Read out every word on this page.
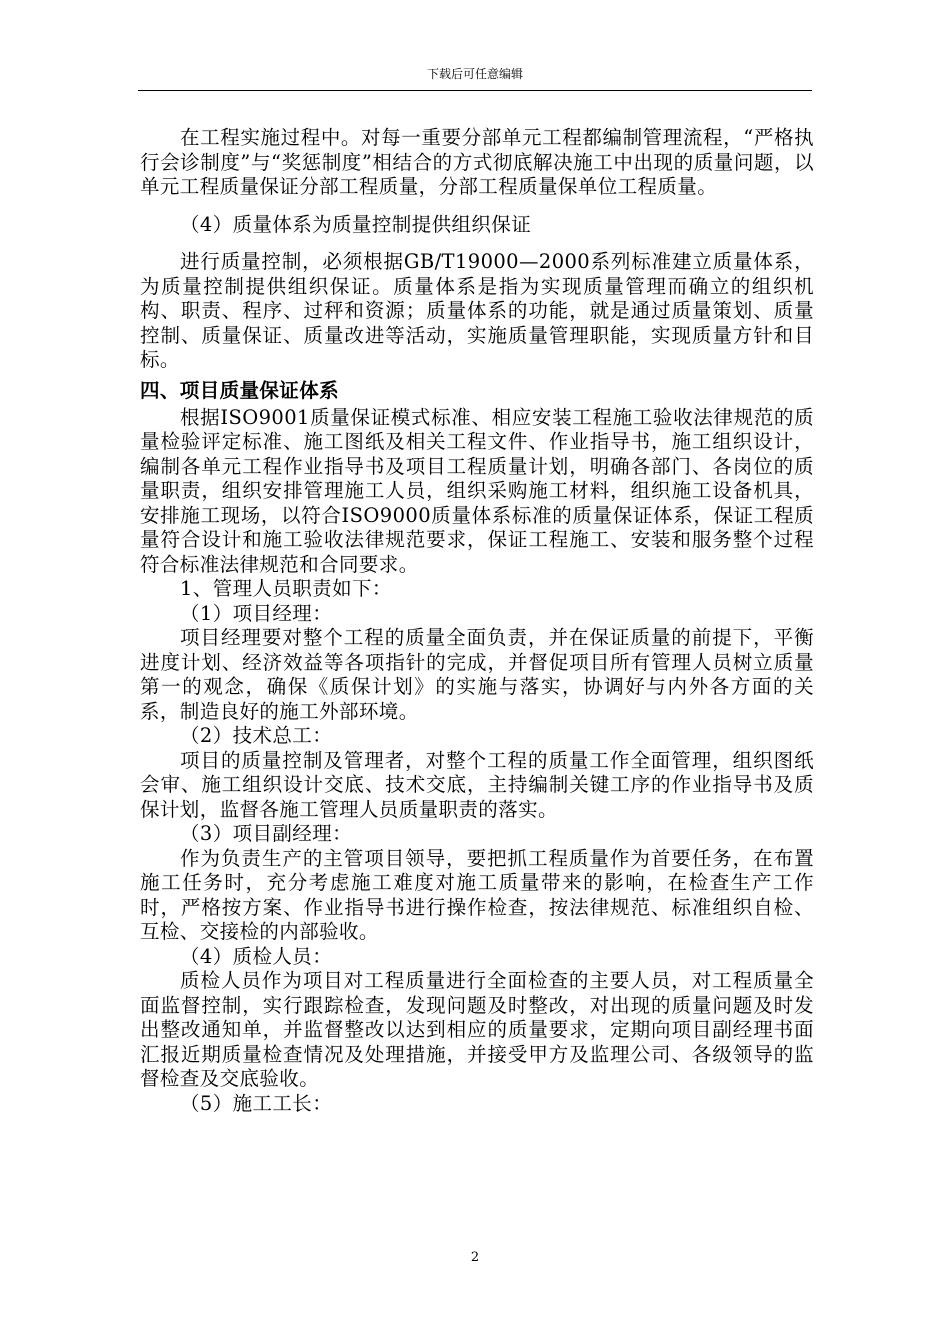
下载后可任意编辑

在工程实施过程中。对每一重要分部单元工程都编制管理流程，“严格执行会诊制度”与“奖惩制度”相结合的方式彻底解决施工中出现的质量问题，以单元工程质量保证分部工程质量，分部工程质量保单位工程质量。

（4）质量体系为质量控制提供组织保证

进行质量控制，必须根据GB/T19000—2000系列标准建立质量体系，为质量控制提供组织保证。质量体系是指为实现质量管理而确立的组织机构、职责、程序、过秤和资源；质量体系的功能，就是通过质量策划、质量控制、质量保证、质量改进等活动，实施质量管理职能，实现质量方针和目标。

四、项目质量保证体系

根据ISO9001质量保证模式标准、相应安装工程施工验收法律规范的质量检验评定标准、施工图纸及相关工程文件、作业指导书，施工组织设计，编制各单元工程作业指导书及项目工程质量计划，明确各部门、各岗位的质量职责，组织安排管理施工人员，组织采购施工材料，组织施工设备机具，安排施工现场，以符合ISO9000质量体系标准的质量保证体系，保证工程质量符合设计和施工验收法律规范要求，保证工程施工、安装和服务整个过程符合标准法律规范和合同要求。

1、管理人员职责如下：

（1）项目经理：

项目经理要对整个工程的质量全面负责，并在保证质量的前提下，平衡进度计划、经济效益等各项指针的完成，并督促项目所有管理人员树立质量第一的观念，确保《质保计划》的实施与落实，协调好与内外各方面的关系，制造良好的施工外部环境。

（2）技术总工：

项目的质量控制及管理者，对整个工程的质量工作全面管理，组织图纸会审、施工组织设计交底、技术交底，主持编制关键工序的作业指导书及质保计划，监督各施工管理人员质量职责的落实。

（3）项目副经理：

作为负责生产的主管项目领导，要把抓工程质量作为首要任务，在布置施工任务时，充分考虑施工难度对施工质量带来的影响，在检查生产工作时，严格按方案、作业指导书进行操作检查，按法律规范、标准组织自检、互检、交接检的内部验收。

（4）质检人员：

质检人员作为项目对工程质量进行全面检查的主要人员，对工程质量全面监督控制，实行跟踪检查，发现问题及时整改，对出现的质量问题及时发出整改通知单，并监督整改以达到相应的质量要求，定期向项目副经理书面汇报近期质量检查情况及处理措施，并接受甲方及监理公司、各级领导的监督检查及交底验收。

（5）施工工长：

2
